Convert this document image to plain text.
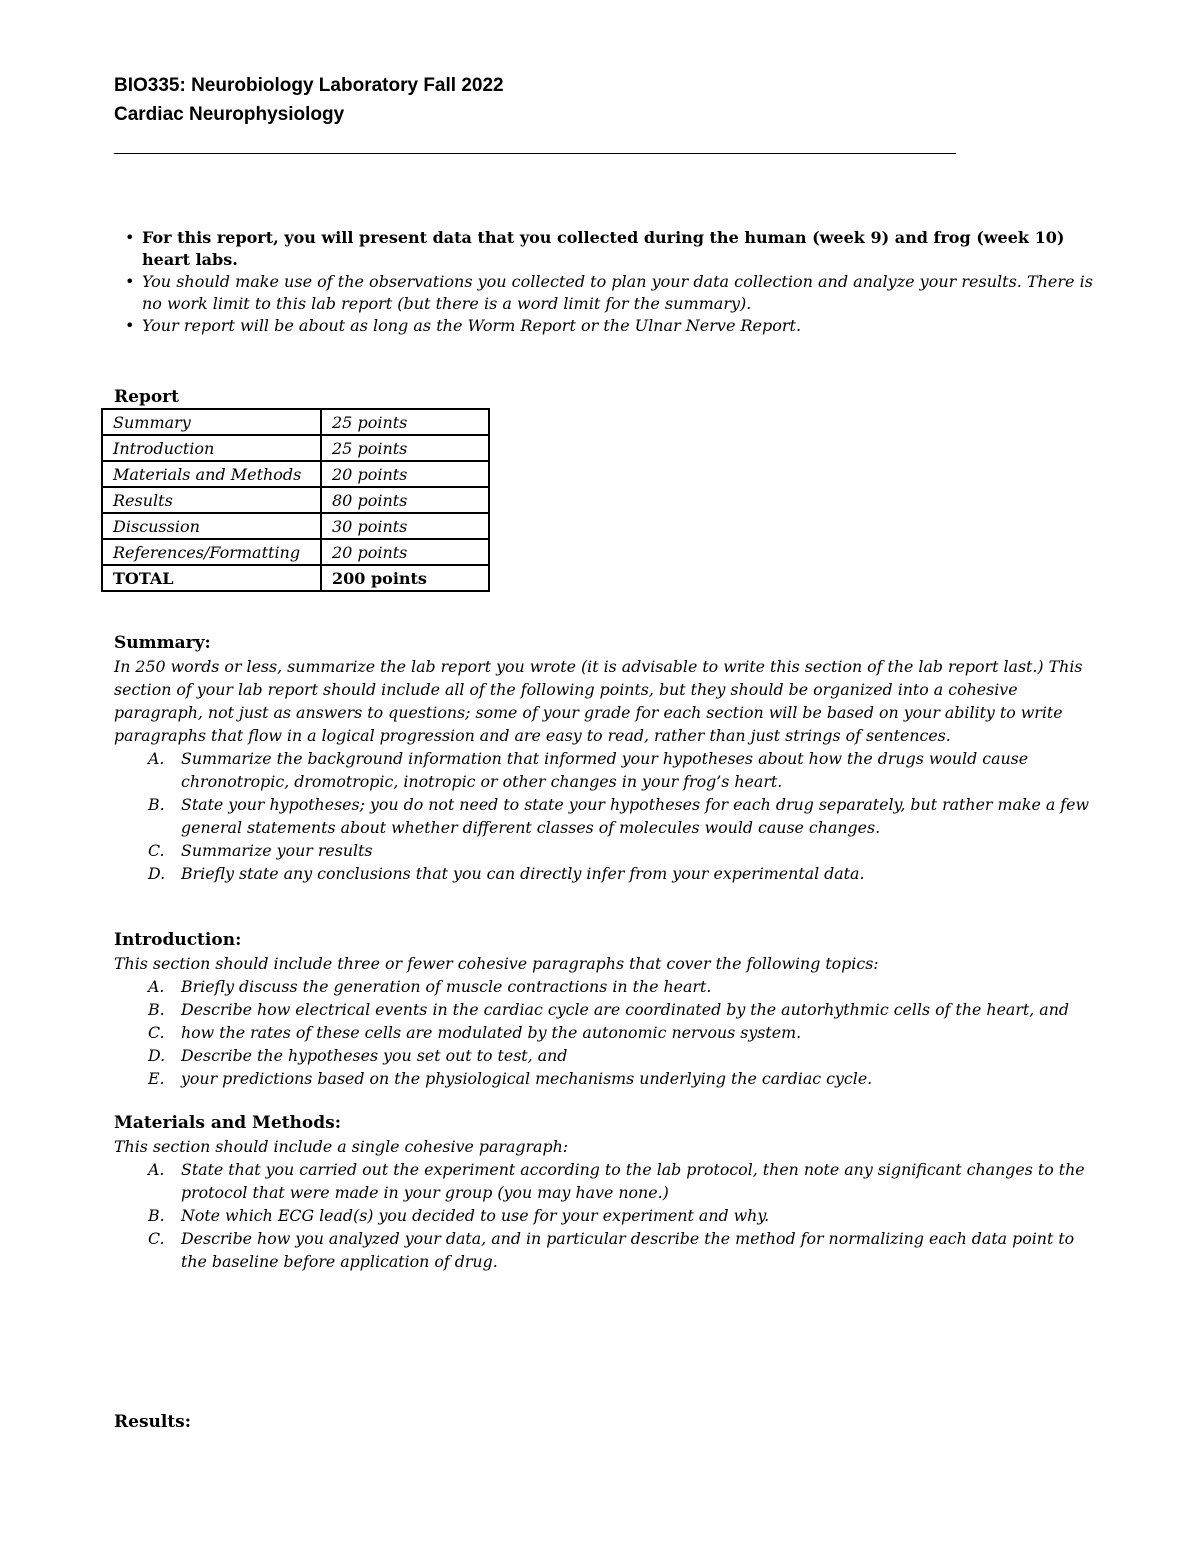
BIO335: Neurobiology Laboratory Fall 2022
Cardiac Neurophysiology
• For this report, you will present data that you collected during the human (week 9) and frog (week 10) heart labs.
• You should make use of the observations you collected to plan your data collection and analyze your results. There is no work limit to this lab report (but there is a word limit for the summary).
• Your report will be about as long as the Worm Report or the Ulnar Nerve Report.
Report
Summary	25 points
Introduction	25 points
Materials and Methods	20 points
Results	80 points
Discussion	30 points
References/Formatting	20 points
TOTAL	200 points
Summary:
In 250 words or less, summarize the lab report you wrote (it is advisable to write this section of the lab report last.) This section of your lab report should include all of the following points, but they should be organized into a cohesive paragraph, not just as answers to questions; some of your grade for each section will be based on your ability to write paragraphs that flow in a logical progression and are easy to read, rather than just strings of sentences.
A.	Summarize the background information that informed your hypotheses about how the drugs would cause chronotropic, dromotropic, inotropic or other changes in your frog’s heart.
B.	State your hypotheses; you do not need to state your hypotheses for each drug separately, but rather make a few general statements about whether different classes of molecules would cause changes.
C.	Summarize your results
D.	Briefly state any conclusions that you can directly infer from your experimental data.
Introduction:
This section should include three or fewer cohesive paragraphs that cover the following topics:
A.	Briefly discuss the generation of muscle contractions in the heart.
B.	Describe how electrical events in the cardiac cycle are coordinated by the autorhythmic cells of the heart, and
C.	how the rates of these cells are modulated by the autonomic nervous system.
D.	Describe the hypotheses you set out to test, and
E.	your predictions based on the physiological mechanisms underlying the cardiac cycle.
Materials and Methods:
This section should include a single cohesive paragraph:
A.	State that you carried out the experiment according to the lab protocol, then note any significant changes to the protocol that were made in your group (you may have none.)
B.	Note which ECG lead(s) you decided to use for your experiment and why.
C.	Describe how you analyzed your data, and in particular describe the method for normalizing each data point to the baseline before application of drug.
Results:
